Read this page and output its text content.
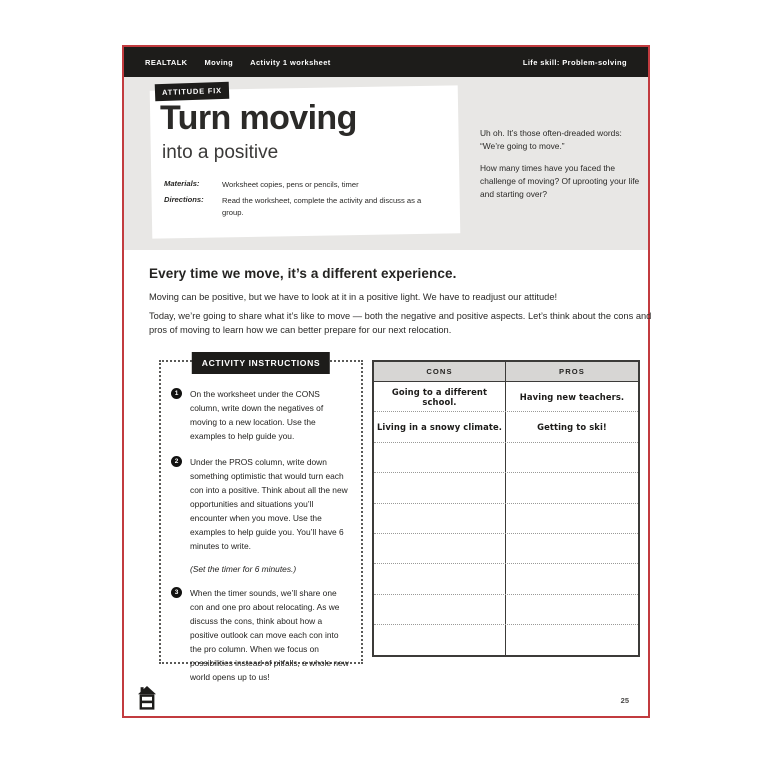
REALTALK Moving Activity 1 worksheet	Life skill: Problem-solving
ATTITUDE FIX
Turn moving
into a positive
Materials:	Worksheet copies, pens or pencils, timer
Directions:	Read the worksheet, complete the activity and discuss as a group.

Uh oh. It’s those often-dreaded words: “We’re going to move.”

How many times have you faced the challenge of moving? Of uprooting your life and starting over?

Every time we move, it’s a different experience.
Moving can be positive, but we have to look at it in a positive light. We have to readjust our attitude!
Today, we’re going to share what it’s like to move — both the negative and positive aspects. Let’s think about the cons and pros of moving to learn how we can better prepare for our next relocation.
ACTIVITY INSTRUCTIONS
1	On the worksheet under the CONS column, write down the negatives of moving to a new location. Use the examples to help guide you.
2	Under the PROS column, write down something optimistic that would turn each con into a positive. Think about all the new opportunities and situations you’ll encounter when you move. Use the examples to help guide you. You’ll have 6 minutes to write.
(Set the timer for 6 minutes.)
3	When the timer sounds, we’ll share one con and one pro about relocating. As we discuss the cons, think about how a positive outlook can move each con into the pro column. When we focus on possibilities instead of pitfalls, a whole new world opens up to us!
CONS	PROS
Going to a different school.	Having new teachers.
Living in a snowy climate.	Getting to ski!
25
